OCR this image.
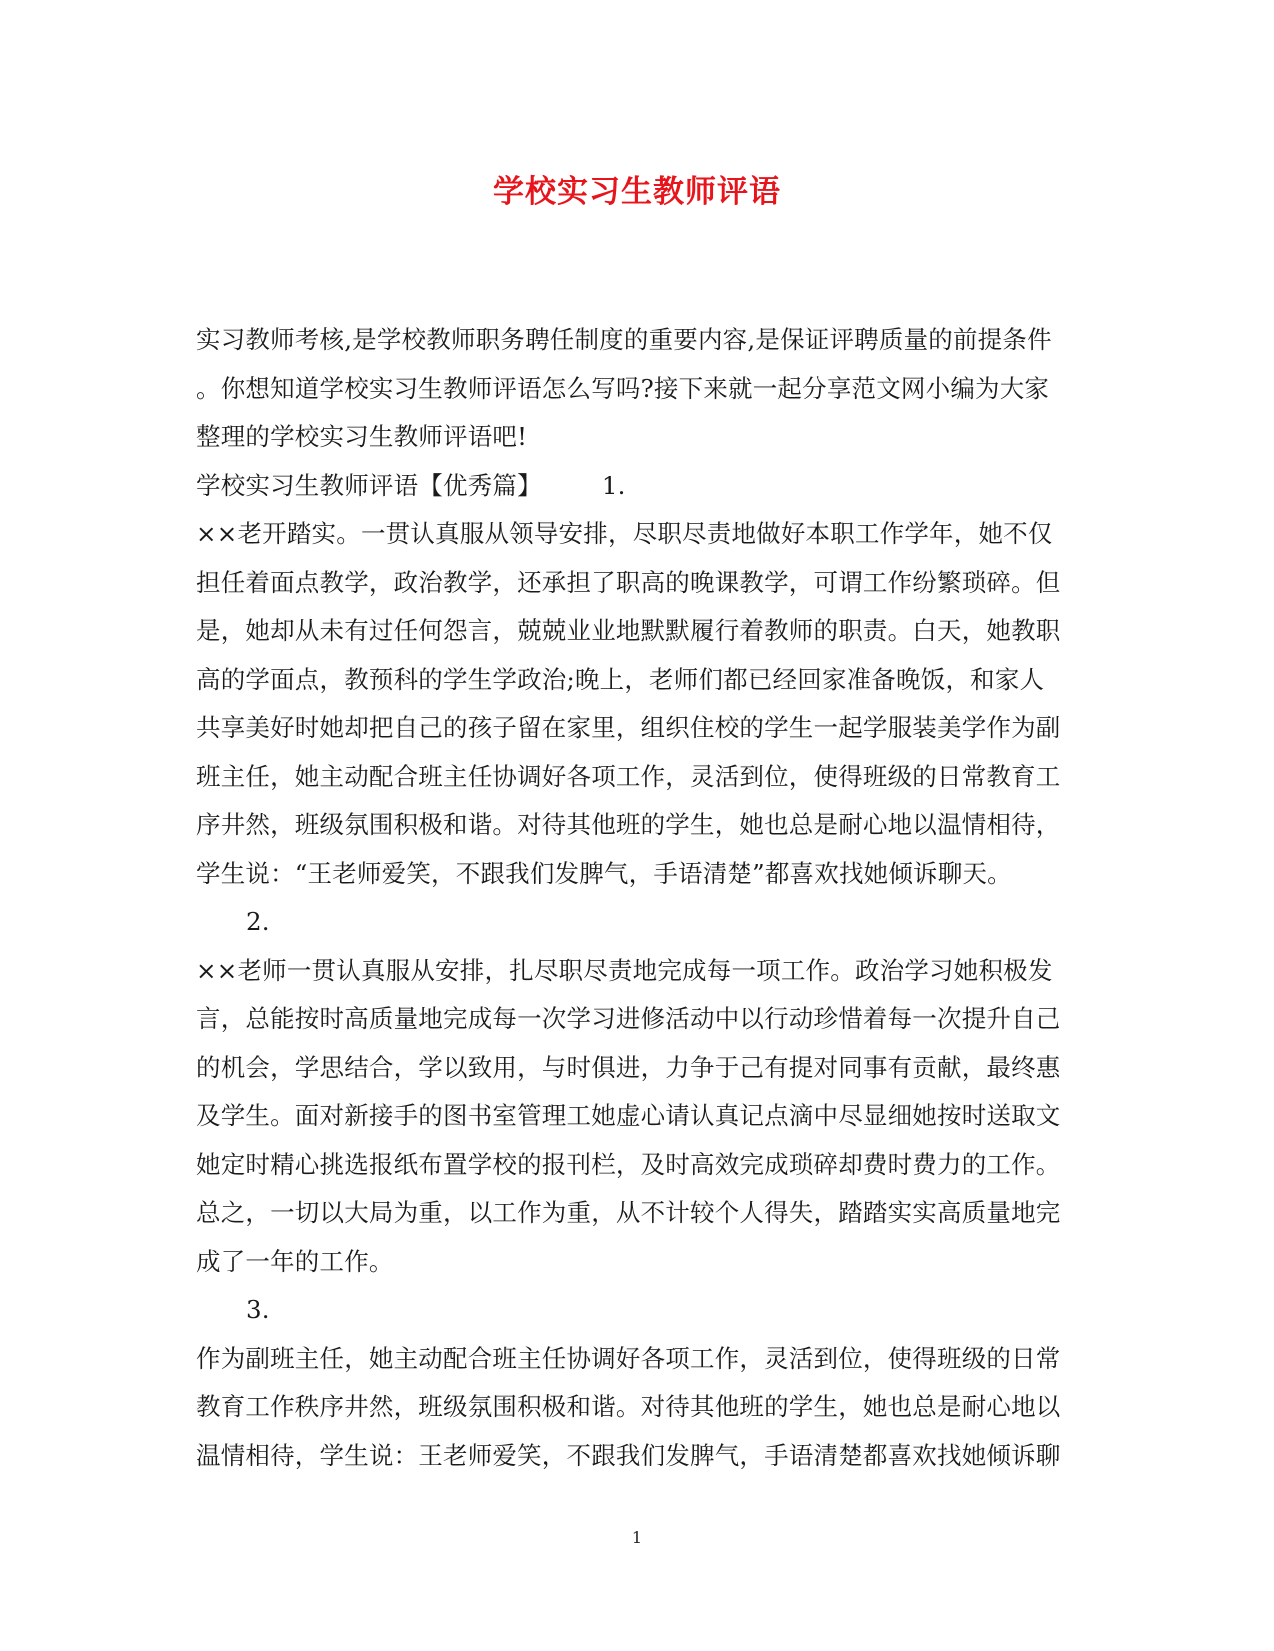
学校实习生教师评语
实习教师考核,是学校教师职务聘任制度的重要内容,是保证评聘质量的前提条件
。你想知道学校实习生教师评语怎么写吗?接下来就一起分享范文网小编为大家
整理的学校实习生教师评语吧!
学校实习生教师评语【优秀篇】 1.
××老开踏实。一贯认真服从领导安排，尽职尽责地做好本职工作学年，她不仅
担任着面点教学，政治教学，还承担了职高的晚课教学，可谓工作纷繁琐碎。但
是，她却从未有过任何怨言，兢兢业业地默默履行着教师的职责。白天，她教职
高的学面点，教预科的学生学政治;晚上，老师们都已经回家准备晚饭，和家人
共享美好时她却把自己的孩子留在家里，组织住校的学生一起学服装美学作为副
班主任，她主动配合班主任协调好各项工作，灵活到位，使得班级的日常教育工
序井然，班级氛围积极和谐。对待其他班的学生，她也总是耐心地以温情相待，
学生说：“王老师爱笑，不跟我们发脾气，手语清楚”都喜欢找她倾诉聊天。
2.
××老师一贯认真服从安排，扎尽职尽责地完成每一项工作。政治学习她积极发
言，总能按时高质量地完成每一次学习进修活动中以行动珍惜着每一次提升自己
的机会，学思结合，学以致用，与时俱进，力争于己有提对同事有贡献，最终惠
及学生。面对新接手的图书室管理工她虚心请认真记点滴中尽显细她按时送取文
她定时精心挑选报纸布置学校的报刊栏，及时高效完成琐碎却费时费力的工作。
总之，一切以大局为重，以工作为重，从不计较个人得失，踏踏实实高质量地完
成了一年的工作。
3.
作为副班主任，她主动配合班主任协调好各项工作，灵活到位，使得班级的日常
教育工作秩序井然，班级氛围积极和谐。对待其他班的学生，她也总是耐心地以
温情相待，学生说：王老师爱笑，不跟我们发脾气，手语清楚都喜欢找她倾诉聊
1
